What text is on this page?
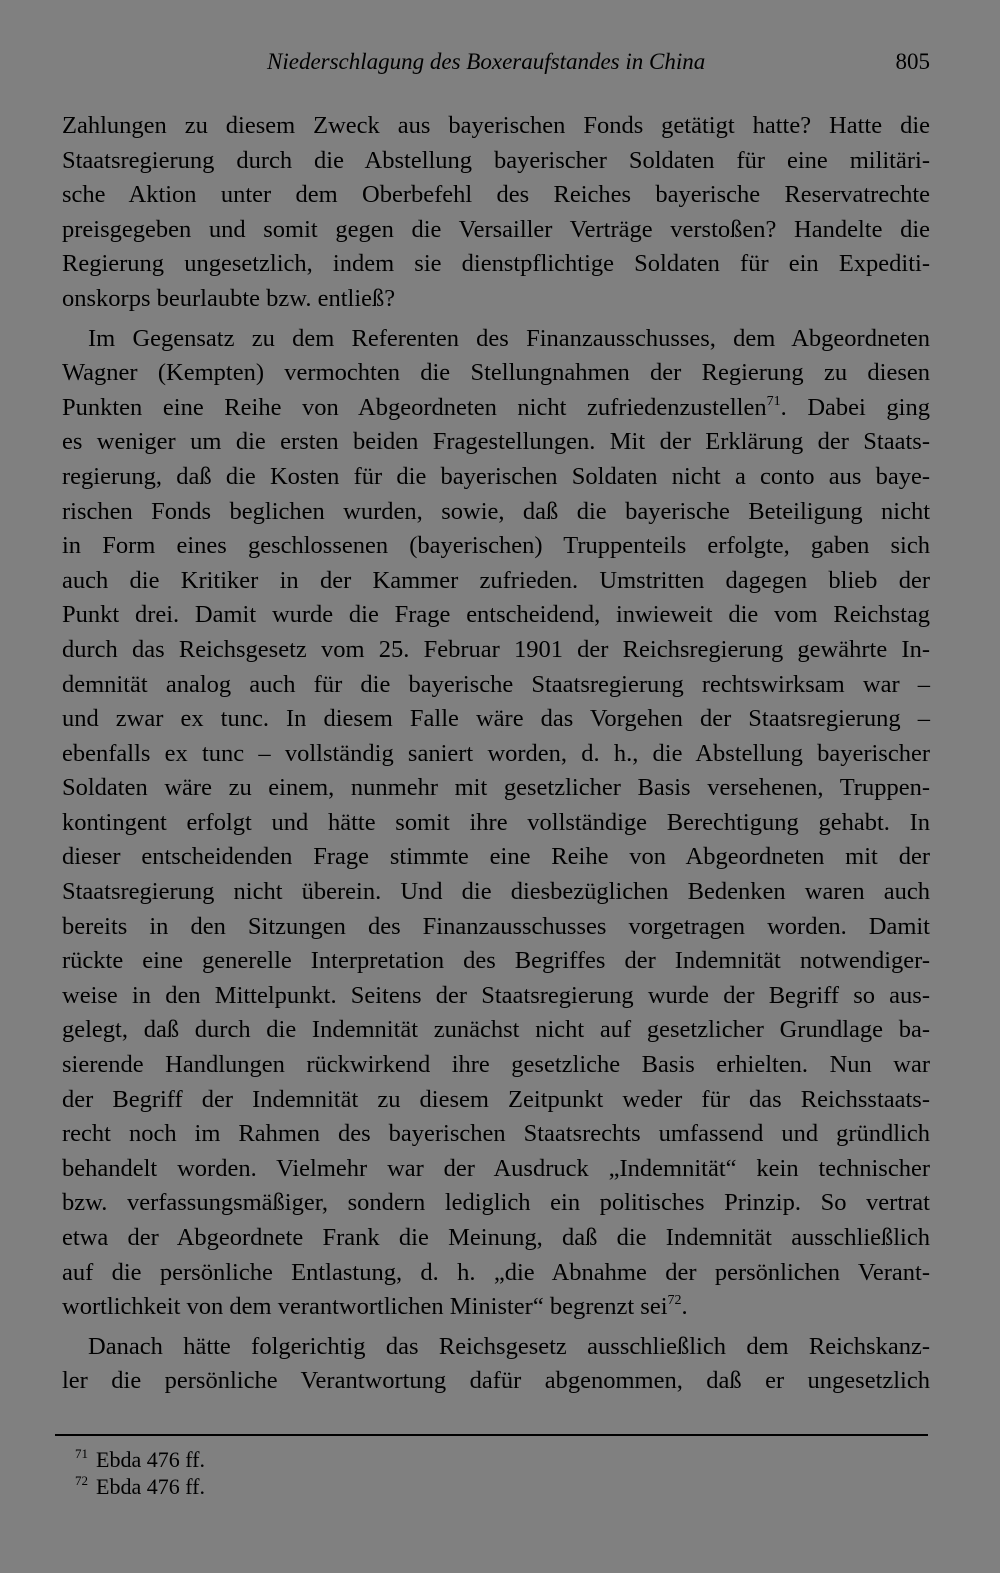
Niederschlagung des Boxeraufstandes in China	805
Zahlungen zu diesem Zweck aus bayerischen Fonds getätigt hatte? Hatte die
Staatsregierung durch die Abstellung bayerischer Soldaten für eine militäri-
sche Aktion unter dem Oberbefehl des Reiches bayerische Reservatrechte
preisgegeben und somit gegen die Versailler Verträge verstoßen? Handelte die
Regierung ungesetzlich, indem sie dienstpflichtige Soldaten für ein Expediti-
onskorps beurlaubte bzw. entließ?
Im Gegensatz zu dem Referenten des Finanzausschusses, dem Abgeordneten
Wagner (Kempten) vermochten die Stellungnahmen der Regierung zu diesen
Punkten eine Reihe von Abgeordneten nicht zufriedenzustellen$^{71}$. Dabei ging
es weniger um die ersten beiden Fragestellungen. Mit der Erklärung der Staats-
regierung, daß die Kosten für die bayerischen Soldaten nicht a conto aus baye-
rischen Fonds beglichen wurden, sowie, daß die bayerische Beteiligung nicht
in Form eines geschlossenen (bayerischen) Truppenteils erfolgte, gaben sich
auch die Kritiker in der Kammer zufrieden. Umstritten dagegen blieb der
Punkt drei. Damit wurde die Frage entscheidend, inwieweit die vom Reichstag
durch das Reichsgesetz vom 25. Februar 1901 der Reichsregierung gewährte In-
demnität analog auch für die bayerische Staatsregierung rechtswirksam war –
und zwar ex tunc. In diesem Falle wäre das Vorgehen der Staatsregierung –
ebenfalls ex tunc – vollständig saniert worden, d. h., die Abstellung bayerischer
Soldaten wäre zu einem, nunmehr mit gesetzlicher Basis versehenen, Truppen-
kontingent erfolgt und hätte somit ihre vollständige Berechtigung gehabt. In
dieser entscheidenden Frage stimmte eine Reihe von Abgeordneten mit der
Staatsregierung nicht überein. Und die diesbezüglichen Bedenken waren auch
bereits in den Sitzungen des Finanzausschusses vorgetragen worden. Damit
rückte eine generelle Interpretation des Begriffes der Indemnität notwendiger-
weise in den Mittelpunkt. Seitens der Staatsregierung wurde der Begriff so aus-
gelegt, daß durch die Indemnität zunächst nicht auf gesetzlicher Grundlage ba-
sierende Handlungen rückwirkend ihre gesetzliche Basis erhielten. Nun war
der Begriff der Indemnität zu diesem Zeitpunkt weder für das Reichsstaats-
recht noch im Rahmen des bayerischen Staatsrechts umfassend und gründlich
behandelt worden. Vielmehr war der Ausdruck „Indemnität“ kein technischer
bzw. verfassungsmäßiger, sondern lediglich ein politisches Prinzip. So vertrat
etwa der Abgeordnete Frank die Meinung, daß die Indemnität ausschließlich
auf die persönliche Entlastung, d. h. „die Abnahme der persönlichen Verant-
wortlichkeit von dem verantwortlichen Minister“ begrenzt sei$^{72}$.
Danach hätte folgerichtig das Reichsgesetz ausschließlich dem Reichskanz-
ler die persönliche Verantwortung dafür abgenommen, daß er ungesetzlich
$^{71}$ Ebda 476 ff.
$^{72}$ Ebda 476 ff.
